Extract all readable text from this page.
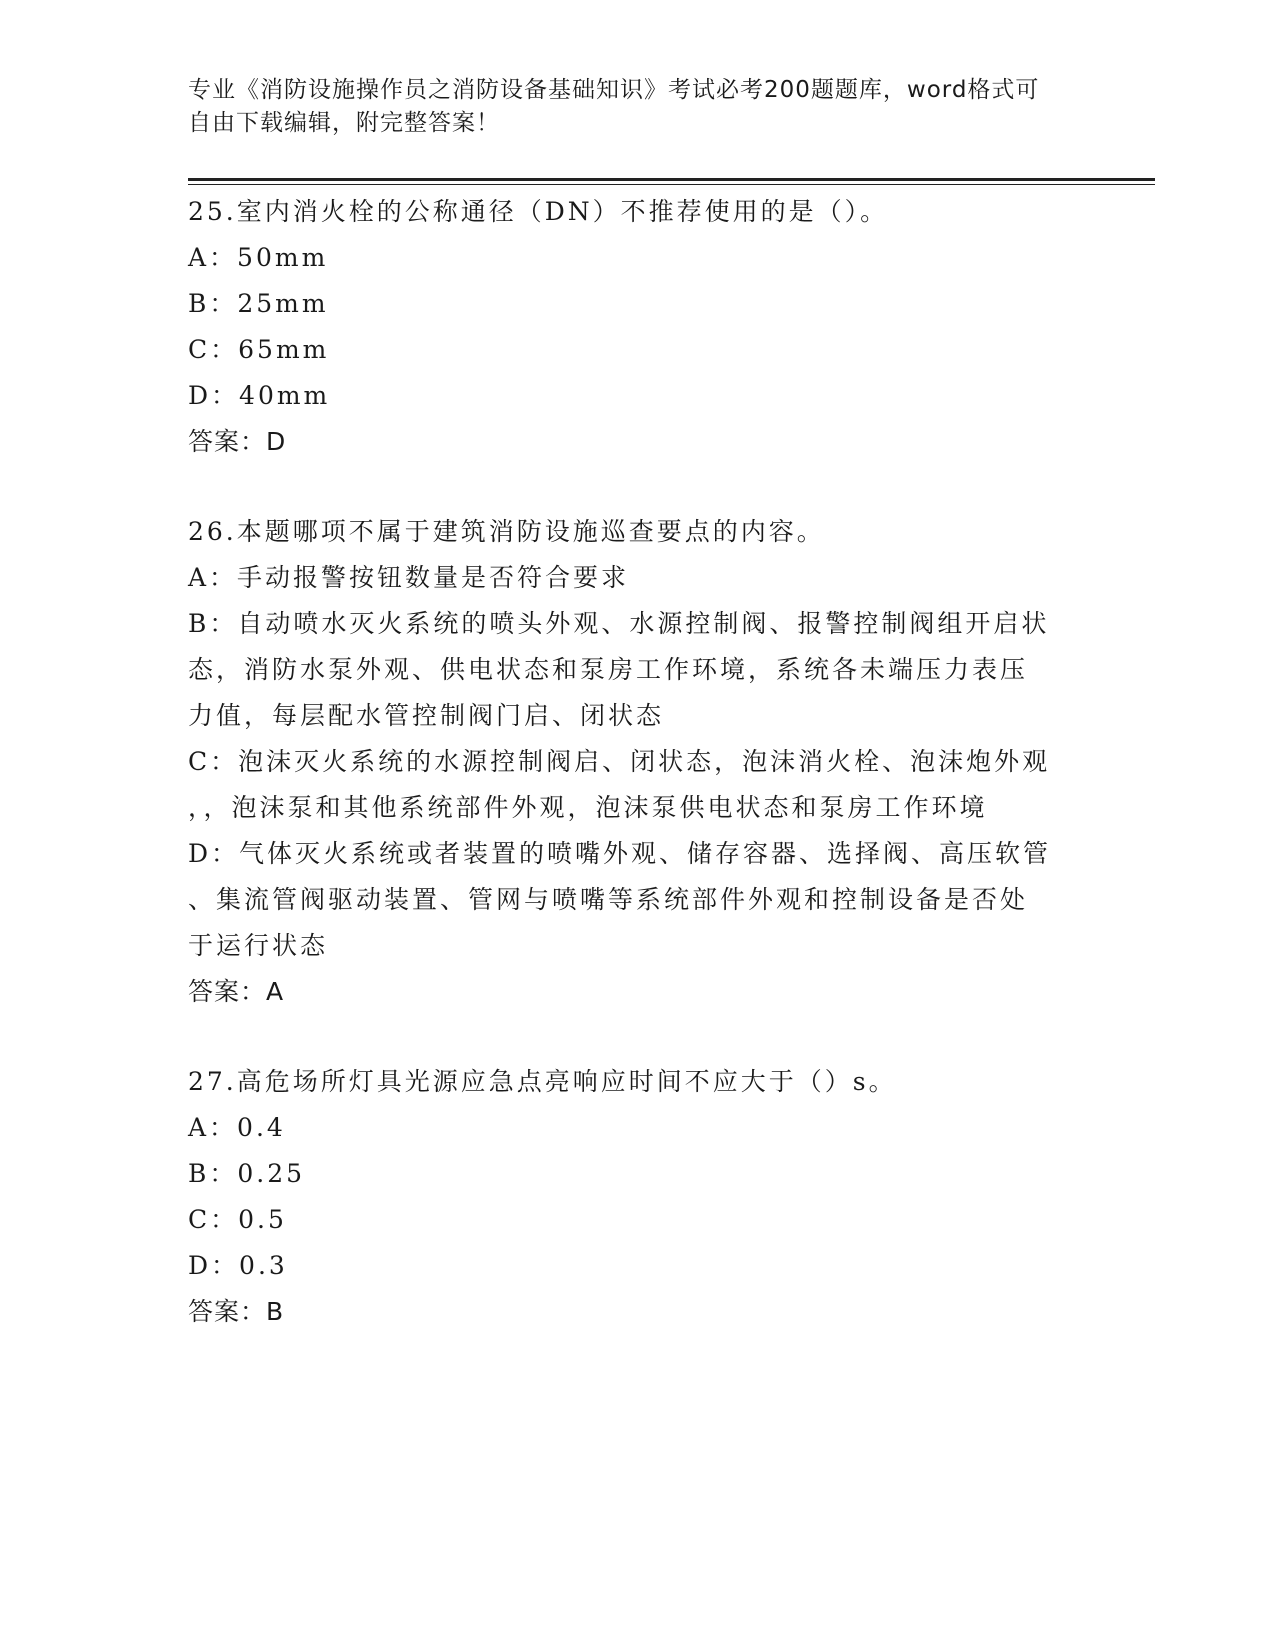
专业《消防设施操作员之消防设备基础知识》考试必考200题题库，word格式可
自由下载编辑，附完整答案！
25.室内消火栓的公称通径（DN）不推荐使用的是（）。
A：50mm
B：25mm
C：65mm
D：40mm
答案：D
26.本题哪项不属于建筑消防设施巡查要点的内容。
A：手动报警按钮数量是否符合要求
B：自动喷水灭火系统的喷头外观、水源控制阀、报警控制阀组开启状
态，消防水泵外观、供电状态和泵房工作环境，系统各未端压力表压
力值，每层配水管控制阀门启、闭状态
C：泡沫灭火系统的水源控制阀启、闭状态，泡沫消火栓、泡沫炮外观
，，泡沫泵和其他系统部件外观，泡沫泵供电状态和泵房工作环境
D：气体灭火系统或者装置的喷嘴外观、储存容器、选择阀、高压软管
、集流管阀驱动装置、管网与喷嘴等系统部件外观和控制设备是否处
于运行状态
答案：A
27.高危场所灯具光源应急点亮响应时间不应大于（）s。
A：0.4
B：0.25
C：0.5
D：0.3
答案：B
